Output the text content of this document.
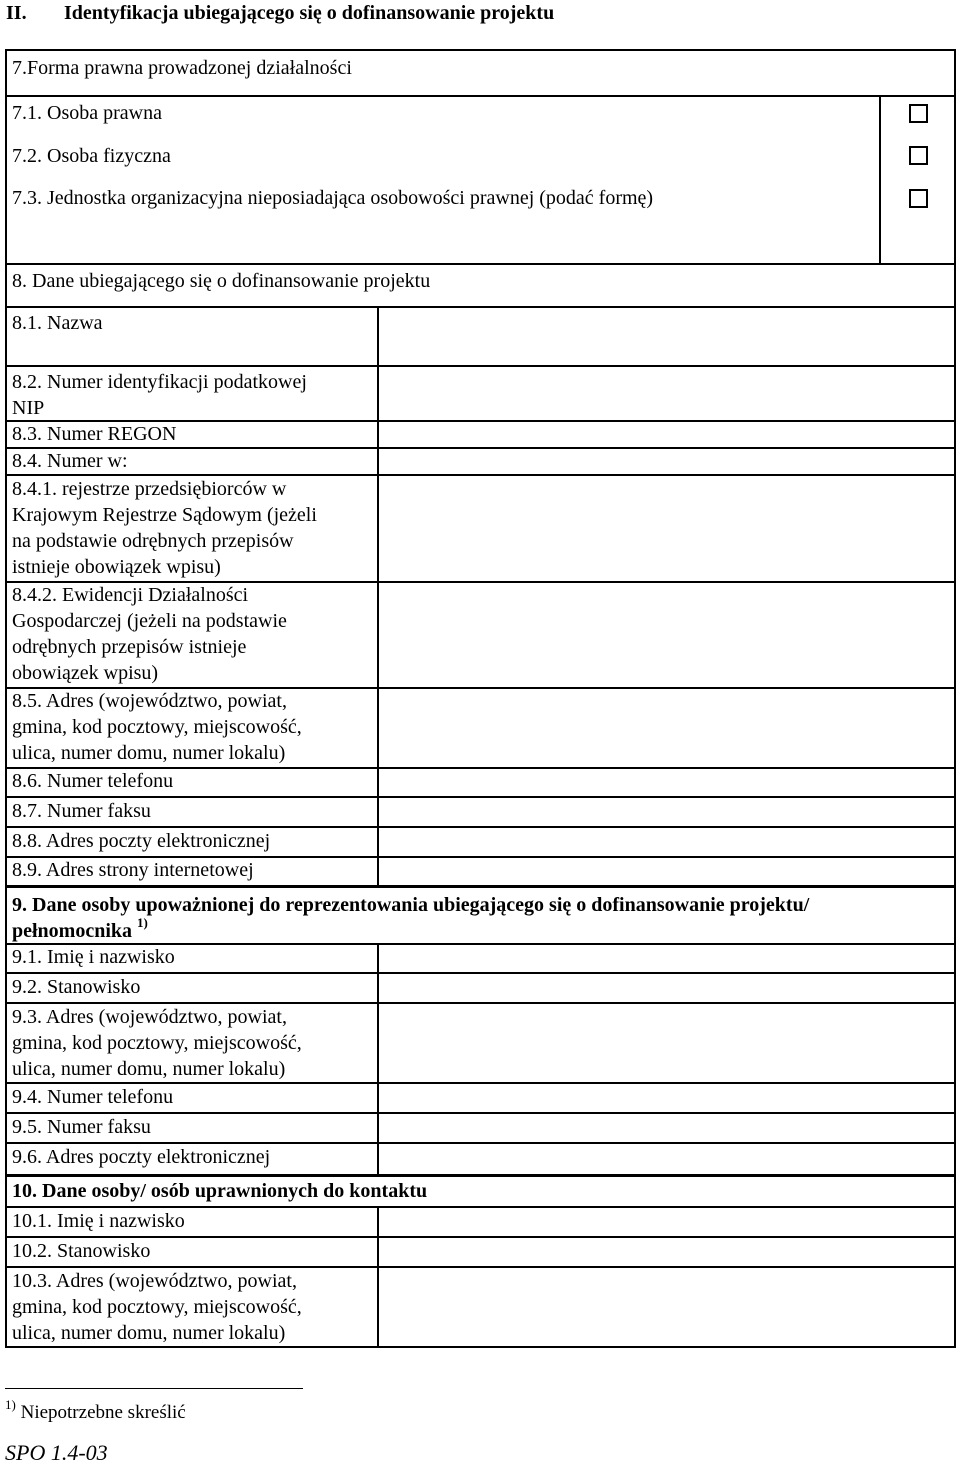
II. Identyfikacja ubiegającego się o dofinansowanie projektu
7.Forma prawna prowadzonej działalności
7.1. Osoba prawna
7.2. Osoba fizyczna
7.3. Jednostka organizacyjna nieposiadająca osobowości prawnej (podać formę)
8. Dane ubiegającego się o dofinansowanie projektu
8.1. Nazwa
8.2. Numer identyfikacji podatkowej
NIP
8.3. Numer REGON
8.4. Numer w:
8.4.1. rejestrze przedsiębiorców w
Krajowym Rejestrze Sądowym (jeżeli
na podstawie odrębnych przepisów
istnieje obowiązek wpisu)
8.4.2. Ewidencji Działalności
Gospodarczej (jeżeli na podstawie
odrębnych przepisów istnieje
obowiązek wpisu)
8.5. Adres (województwo, powiat,
gmina, kod pocztowy, miejscowość,
ulica, numer domu, numer lokalu)
8.6. Numer telefonu
8.7. Numer faksu
8.8. Adres poczty elektronicznej
8.9. Adres strony internetowej
9. Dane osoby upoważnionej do reprezentowania ubiegającego się o dofinansowanie projektu/
pełnomocnika $^{1)}$
9.1. Imię i nazwisko
9.2. Stanowisko
9.3. Adres (województwo, powiat,
gmina, kod pocztowy, miejscowość,
ulica, numer domu, numer lokalu)
9.4. Numer telefonu
9.5. Numer faksu
9.6. Adres poczty elektronicznej
10. Dane osoby/ osób uprawnionych do kontaktu
10.1. Imię i nazwisko
10.2. Stanowisko
10.3. Adres (województwo, powiat,
gmina, kod pocztowy, miejscowość,
ulica, numer domu, numer lokalu)
$^{1)}$ Niepotrzebne skreślić
SPO 1.4-03
